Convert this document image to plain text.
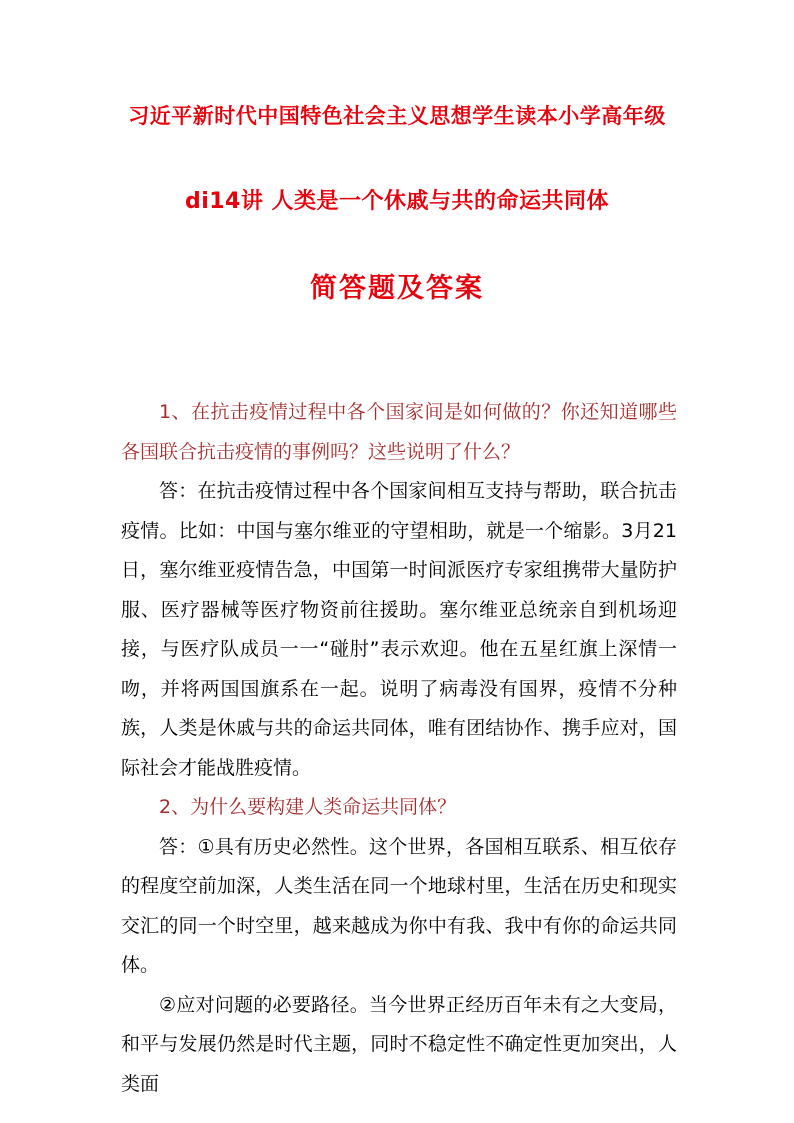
习近平新时代中国特色社会主义思想学生读本小学高年级
di14讲 人类是一个休戚与共的命运共同体
简答题及答案

1、在抗击疫情过程中各个国家间是如何做的？你还知道哪些各国联合抗击疫情的事例吗？这些说明了什么？

答：在抗击疫情过程中各个国家间相互支持与帮助，联合抗击疫情。比如：中国与塞尔维亚的守望相助，就是一个缩影。3月21日，塞尔维亚疫情告急，中国第一时间派医疗专家组携带大量防护服、医疗器械等医疗物资前往援助。塞尔维亚总统亲自到机场迎接，与医疗队成员一一“碰肘”表示欢迎。他在五星红旗上深情一吻，并将两国国旗系在一起。说明了病毒没有国界，疫情不分种族，人类是休戚与共的命运共同体，唯有团结协作、携手应对，国际社会才能战胜疫情。

2、为什么要构建人类命运共同体？

答：①具有历史必然性。这个世界，各国相互联系、相互依存的程度空前加深，人类生活在同一个地球村里，生活在历史和现实交汇的同一个时空里，越来越成为你中有我、我中有你的命运共同体。

②应对问题的必要路径。当今世界正经历百年未有之大变局，和平与发展仍然是时代主题，同时不稳定性不确定性更加突出，人类面
